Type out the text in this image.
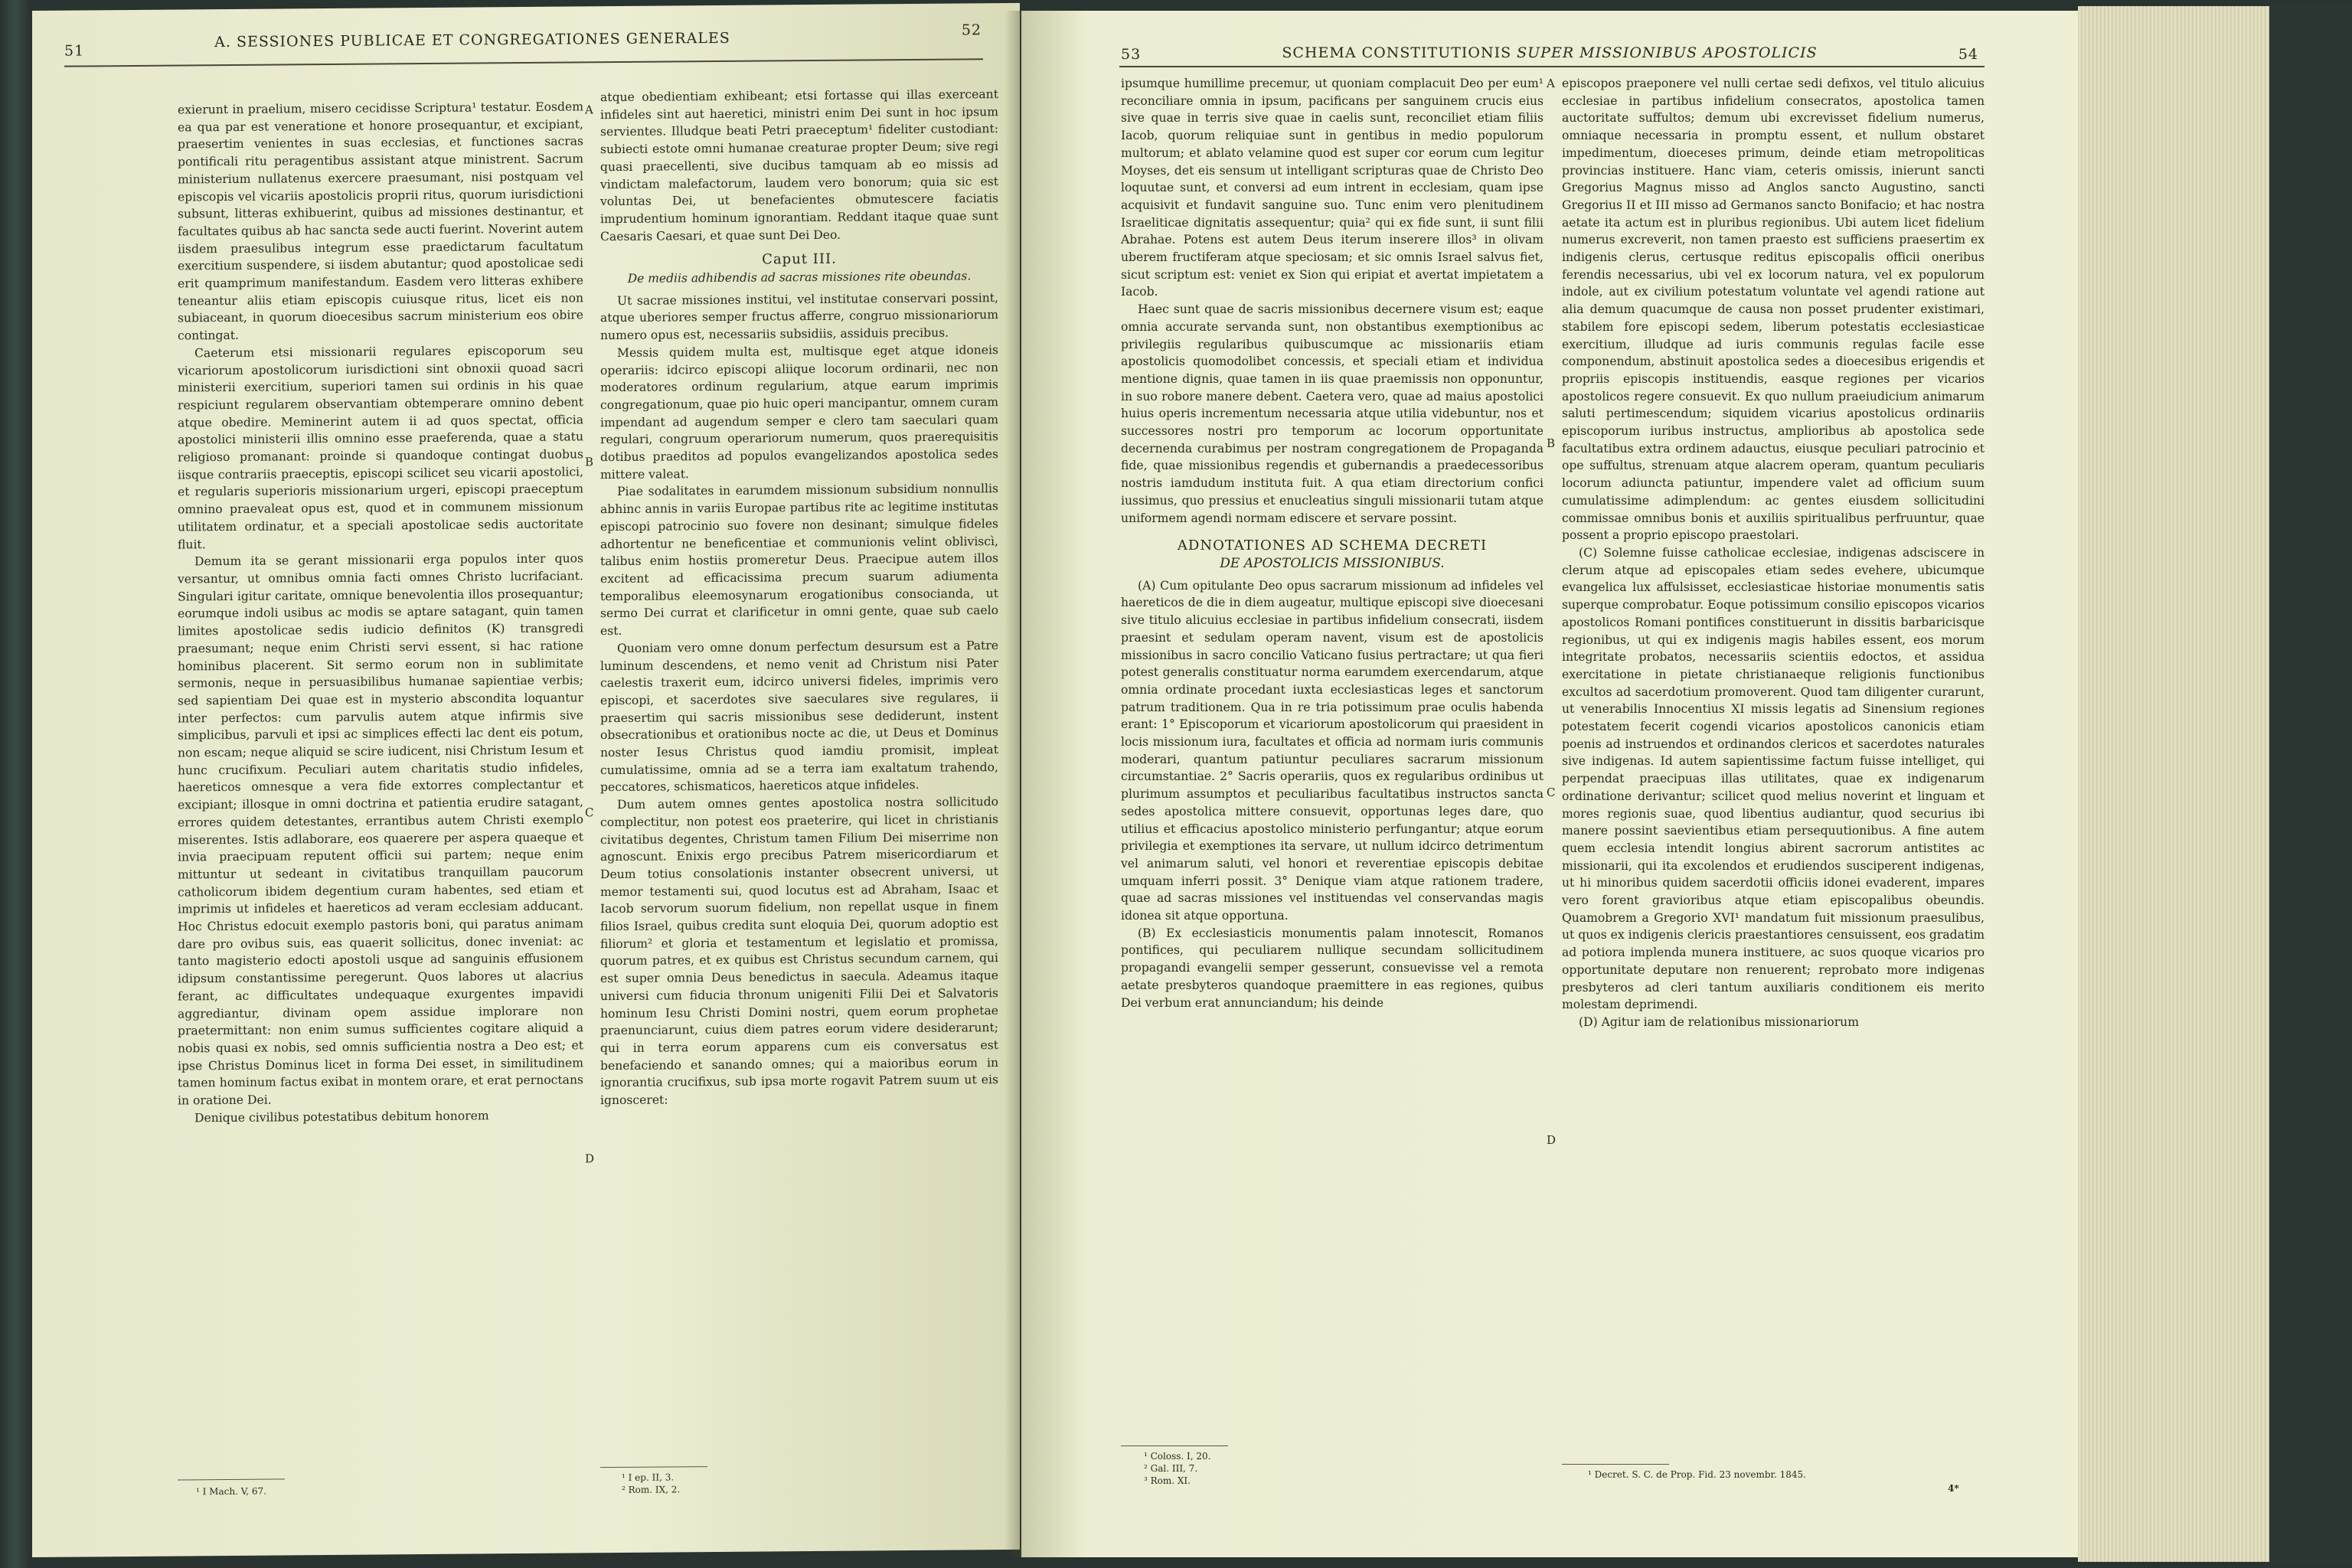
51
A. SESSIONES PUBLICAE ET CONGREGATIONES GENERALES	52

exierunt in praelium, misero cecidisse Scriptura¹ testatur. Eosdem ea qua par est veneratione et honore prosequantur, et excipiant, praesertim venientes in suas ecclesias, et functiones sacras pontificali ritu peragentibus assistant atque ministrent. Sacrum ministerium nullatenus exercere praesumant, nisi postquam vel episcopis vel vicariis apostolicis proprii ritus, quorum iurisdictioni subsunt, litteras exhibuerint, quibus ad missiones destinantur, et facultates quibus ab hac sancta sede aucti fuerint. Noverint autem iisdem praesulibus integrum esse praedictarum facultatum exercitium suspendere, si iisdem abutantur; quod apostolicae sedi erit quamprimum manifestandum. Easdem vero litteras exhibere teneantur aliis etiam episcopis cuiusque ritus, licet eis non subiaceant, in quorum dioecesibus sacrum ministerium eos obire contingat.

Caeterum etsi missionarii regulares episcoporum seu vicariorum apostolicorum iurisdictioni sint obnoxii quoad sacri ministerii exercitium, superiori tamen sui ordinis in his quae respiciunt regularem observantiam obtemperare omnino debent atque obedire. Meminerint autem ii ad quos spectat, officia apostolici ministerii illis omnino esse praeferenda, quae a statu religioso promanant: proinde si quandoque contingat duobus iisque contrariis praeceptis, episcopi scilicet seu vicarii apostolici, et regularis superioris missionarium urgeri, episcopi praeceptum omnino praevaleat opus est, quod et in communem missionum utilitatem ordinatur, et a speciali apostolicae sedis auctoritate fluit.

Demum ita se gerant missionarii erga populos inter quos versantur, ut omnibus omnia facti omnes Christo lucrifaciant. Singulari igitur caritate, omnique benevolentia illos prosequantur; eorumque indoli usibus ac modis se aptare satagant, quin tamen limites apostolicae sedis iudicio definitos (K) transgredi praesumant; neque enim Christi servi essent, si hac ratione hominibus placerent. Sit sermo eorum non in sublimitate sermonis, neque in persuasibilibus humanae sapientiae verbis; sed sapientiam Dei quae est in mysterio abscondita loquantur inter perfectos: cum parvulis autem atque infirmis sive simplicibus, parvuli et ipsi ac simplices effecti lac dent eis potum, non escam; neque aliquid se scire iudicent, nisi Christum Iesum et hunc crucifixum. Peculiari autem charitatis studio infideles, haereticos omnesque a vera fide extorres complectantur et excipiant; illosque in omni doctrina et patientia erudire satagant, errores quidem detestantes, errantibus autem Christi exemplo miserentes. Istis adlaborare, eos quaerere per aspera quaeque et invia praecipuam reputent officii sui partem; neque enim mittuntur ut sedeant in civitatibus tranquillam paucorum catholicorum ibidem degentium curam habentes, sed etiam et imprimis ut infideles et haereticos ad veram ecclesiam adducant. Hoc Christus edocuit exemplo pastoris boni, qui paratus animam dare pro ovibus suis, eas quaerit sollicitus, donec inveniat: ac tanto magisterio edocti apostoli usque ad sanguinis effusionem idipsum constantissime peregerunt. Quos labores ut alacrius ferant, ac difficultates undequaque exurgentes impavidi aggrediantur, divinam opem assidue implorare non praetermittant: non enim sumus sufficientes cogitare aliquid a nobis quasi ex nobis, sed omnis sufficientia nostra a Deo est; et ipse Christus Dominus licet in forma Dei esset, in similitudinem tamen hominum factus exibat in montem orare, et erat pernoctans in oratione Dei.

Denique civilibus potestatibus debitum honorem

¹ I Mach. V, 67.
A
B
C
D

atque obedientiam exhibeant; etsi fortasse qui illas exerceant infideles sint aut haeretici, ministri enim Dei sunt in hoc ipsum servientes. Illudque beati Petri praeceptum¹ fideliter custodiant: subiecti estote omni humanae creaturae propter Deum; sive regi quasi praecellenti, sive ducibus tamquam ab eo missis ad vindictam malefactorum, laudem vero bonorum; quia sic est voluntas Dei, ut benefacientes obmutescere faciatis imprudentium hominum ignorantiam. Reddant itaque quae sunt Caesaris Caesari, et quae sunt Dei Deo.

Caput III.
De mediis adhibendis ad sacras missiones rite obeundas.

Ut sacrae missiones institui, vel institutae conservari possint, atque uberiores semper fructus afferre, congruo missionariorum numero opus est, necessariis subsidiis, assiduis precibus.

Messis quidem multa est, multisque eget atque idoneis operariis: idcirco episcopi aliique locorum ordinarii, nec non moderatores ordinum regularium, atque earum imprimis congregationum, quae pio huic operi mancipantur, omnem curam impendant ad augendum semper e clero tam saeculari quam regulari, congruum operariorum numerum, quos praerequisitis dotibus praeditos ad populos evangelizandos apostolica sedes mittere valeat.

Piae sodalitates in earumdem missionum subsidium nonnullis abhinc annis in variis Europae partibus rite ac legitime institutas episcopi patrocinio suo fovere non desinant; simulque fideles adhortentur ne beneficentiae et communionis velint obliviscì, talibus enim hostiis promeretur Deus. Praecipue autem illos excitent ad efficacissima precum suarum adiumenta temporalibus eleemosynarum erogationibus consocianda, ut sermo Dei currat et clarificetur in omni gente, quae sub caelo est.

Quoniam vero omne donum perfectum desursum est a Patre luminum descendens, et nemo venit ad Christum nisi Pater caelestis traxerit eum, idcirco universi fideles, imprimis vero episcopi, et sacerdotes sive saeculares sive regulares, ii praesertim qui sacris missionibus sese dediderunt, instent obsecrationibus et orationibus nocte ac die, ut Deus et Dominus noster Iesus Christus quod iamdiu promisit, impleat cumulatissime, omnia ad se a terra iam exaltatum trahendo, peccatores, schismaticos, haereticos atque infideles.

Dum autem omnes gentes apostolica nostra sollicitudo complectitur, non potest eos praeterire, qui licet in christianis civitatibus degentes, Christum tamen Filium Dei miserrime non agnoscunt. Enixis ergo precibus Patrem misericordiarum et Deum totius consolationis instanter obsecrent universi, ut memor testamenti sui, quod locutus est ad Abraham, Isaac et Iacob servorum suorum fidelium, non repellat usque in finem filios Israel, quibus credita sunt eloquia Dei, quorum adoptio est filiorum² et gloria et testamentum et legislatio et promissa, quorum patres, et ex quibus est Christus secundum carnem, qui est super omnia Deus benedictus in saecula. Adeamus itaque universi cum fiducia thronum unigeniti Filii Dei et Salvatoris hominum Iesu Christi Domini nostri, quem eorum prophetae praenunciarunt, cuius diem patres eorum videre desiderarunt; qui in terra eorum apparens cum eis conversatus est benefaciendo et sanando omnes; qui a maioribus eorum in ignorantia crucifixus, sub ipsa morte rogavit Patrem suum ut eis ignosceret:

¹ I ep. II, 3.
² Rom. IX, 2.
53	SCHEMA CONSTITUTIONIS SUPER MISSIONIBUS APOSTOLICIS	54

ipsumque humillime precemur, ut quoniam complacuit Deo per eum¹ reconciliare omnia in ipsum, pacificans per sanguinem crucis eius sive quae in terris sive quae in caelis sunt, reconciliet etiam filiis Iacob, quorum reliquiae sunt in gentibus in medio populorum multorum; et ablato velamine quod est super cor eorum cum legitur Moyses, det eis sensum ut intelligant scripturas quae de Christo Deo loquutae sunt, et conversi ad eum intrent in ecclesiam, quam ipse acquisivit et fundavit sanguine suo. Tunc enim vero plenitudinem Israeliticae dignitatis assequentur; quia² qui ex fide sunt, ii sunt filii Abrahae. Potens est autem Deus iterum inserere illos³ in olivam uberem fructiferam atque speciosam; et sic omnis Israel salvus fiet, sicut scriptum est: veniet ex Sion qui eripiat et avertat impietatem a Iacob.

Haec sunt quae de sacris missionibus decernere visum est; eaque omnia accurate servanda sunt, non obstantibus exemptionibus ac privilegiis regularibus quibuscumque ac missionariis etiam apostolicis quomodolibet concessis, et speciali etiam et individua mentione dignis, quae tamen in iis quae praemissis non opponuntur, in suo robore manere debent. Caetera vero, quae ad maius apostolici huius operis incrementum necessaria atque utilia videbuntur, nos et successores nostri pro temporum ac locorum opportunitate decernenda curabimus per nostram congregationem de Propaganda fide, quae missionibus regendis et gubernandis a praedecessoribus nostris iamdudum instituta fuit. A qua etiam directorium confici iussimus, quo pressius et enucleatius singuli missionarii tutam atque uniformem agendi normam ediscere et servare possint.

ADNOTATIONES AD SCHEMA DECRETI
DE APOSTOLICIS MISSIONIBUS.

(A) Cum opitulante Deo opus sacrarum missionum ad infideles vel haereticos de die in diem augeatur, multique episcopi sive dioecesani sive titulo alicuius ecclesiae in partibus infidelium consecrati, iisdem praesint et sedulam operam navent, visum est de apostolicis missionibus in sacro concilio Vaticano fusius pertractare; ut qua fieri potest generalis constituatur norma earumdem exercendarum, atque omnia ordinate procedant iuxta ecclesiasticas leges et sanctorum patrum traditionem. Qua in re tria potissimum prae oculis habenda erant: 1° Episcoporum et vicariorum apostolicorum qui praesident in locis missionum iura, facultates et officia ad normam iuris communis moderari, quantum patiuntur peculiares sacrarum missionum circumstantiae. 2° Sacris operariis, quos ex regularibus ordinibus ut plurimum assumptos et peculiaribus facultatibus instructos sancta sedes apostolica mittere consuevit, opportunas leges dare, quo utilius et efficacius apostolico ministerio perfungantur; atque eorum privilegia et exemptiones ita servare, ut nullum idcirco detrimentum vel animarum saluti, vel honori et reverentiae episcopis debitae umquam inferri possit. 3° Denique viam atque rationem tradere, quae ad sacras missiones vel instituendas vel conservandas magis idonea sit atque opportuna.

(B) Ex ecclesiasticis monumentis palam innotescit, Romanos pontifices, qui peculiarem nullique secundam sollicitudinem propagandi evangelii semper gesserunt, consuevisse vel a remota aetate presbyteros quandoque praemittere in eas regiones, quibus Dei verbum erat annunciandum; his deinde

¹ Coloss. I, 20.
² Gal. III, 7.
³ Rom. XI.
A
B
C
D

episcopos praeponere vel nulli certae sedi defixos, vel titulo alicuius ecclesiae in partibus infidelium consecratos, apostolica tamen auctoritate suffultos; demum ubi excrevisset fidelium numerus, omniaque necessaria in promptu essent, et nullum obstaret impedimentum, dioeceses primum, deinde etiam metropoliticas provincias instituere. Hanc viam, ceteris omissis, inierunt sancti Gregorius Magnus misso ad Anglos sancto Augustino, sancti Gregorius II et III misso ad Germanos sancto Bonifacio; et hac nostra aetate ita actum est in pluribus regionibus. Ubi autem licet fidelium numerus excreverit, non tamen praesto est sufficiens praesertim ex indigenis clerus, certusque reditus episcopalis officii oneribus ferendis necessarius, ubi vel ex locorum natura, vel ex populorum indole, aut ex civilium potestatum voluntate vel agendi ratione aut alia demum quacumque de causa non posset prudenter existimari, stabilem fore episcopi sedem, liberum potestatis ecclesiasticae exercitium, illudque ad iuris communis regulas facile esse componendum, abstinuit apostolica sedes a dioecesibus erigendis et propriis episcopis instituendis, easque regiones per vicarios apostolicos regere consuevit. Ex quo nullum praeiudicium animarum saluti pertimescendum; siquidem vicarius apostolicus ordinariis episcoporum iuribus instructus, amplioribus ab apostolica sede facultatibus extra ordinem adauctus, eiusque peculiari patrocinio et ope suffultus, strenuam atque alacrem operam, quantum peculiaris locorum adiuncta patiuntur, impendere valet ad officium suum cumulatissime adimplendum: ac gentes eiusdem sollicitudini commissae omnibus bonis et auxiliis spiritualibus perfruuntur, quae possent a proprio episcopo praestolari.

(C) Solemne fuisse catholicae ecclesiae, indigenas adsciscere in clerum atque ad episcopales etiam sedes evehere, ubicumque evangelica lux affulsisset, ecclesiasticae historiae monumentis satis superque comprobatur. Eoque potissimum consilio episcopos vicarios apostolicos Romani pontifices constituerunt in dissitis barbaricisque regionibus, ut qui ex indigenis magis habiles essent, eos morum integritate probatos, necessariis scientiis edoctos, et assidua exercitatione in pietate christianaeque religionis functionibus excultos ad sacerdotium promoverent. Quod tam diligenter curarunt, ut venerabilis Innocentius XI missis legatis ad Sinensium regiones potestatem fecerit cogendi vicarios apostolicos canonicis etiam poenis ad instruendos et ordinandos clericos et sacerdotes naturales sive indigenas. Id autem sapientissime factum fuisse intelliget, qui perpendat praecipuas illas utilitates, quae ex indigenarum ordinatione derivantur; scilicet quod melius noverint et linguam et mores regionis suae, quod libentius audiantur, quod securius ibi manere possint saevientibus etiam persequutionibus. A fine autem quem ecclesia intendit longius abirent sacrorum antistites ac missionarii, qui ita excolendos et erudiendos susciperent indigenas, ut hi minoribus quidem sacerdotii officiis idonei evaderent, impares vero forent gravioribus atque etiam episcopalibus obeundis. Quamobrem a Gregorio XVI¹ mandatum fuit missionum praesulibus, ut quos ex indigenis clericis praestantiores censuissent, eos gradatim ad potiora implenda munera instituere, ac suos quoque vicarios pro opportunitate deputare non renuerent; reprobato more indigenas presbyteros ad cleri tantum auxiliaris conditionem eis merito molestam deprimendi.

(D) Agitur iam de relationibus missionariorum

¹ Decret. S. C. de Prop. Fid. 23 novembr. 1845.
4*
